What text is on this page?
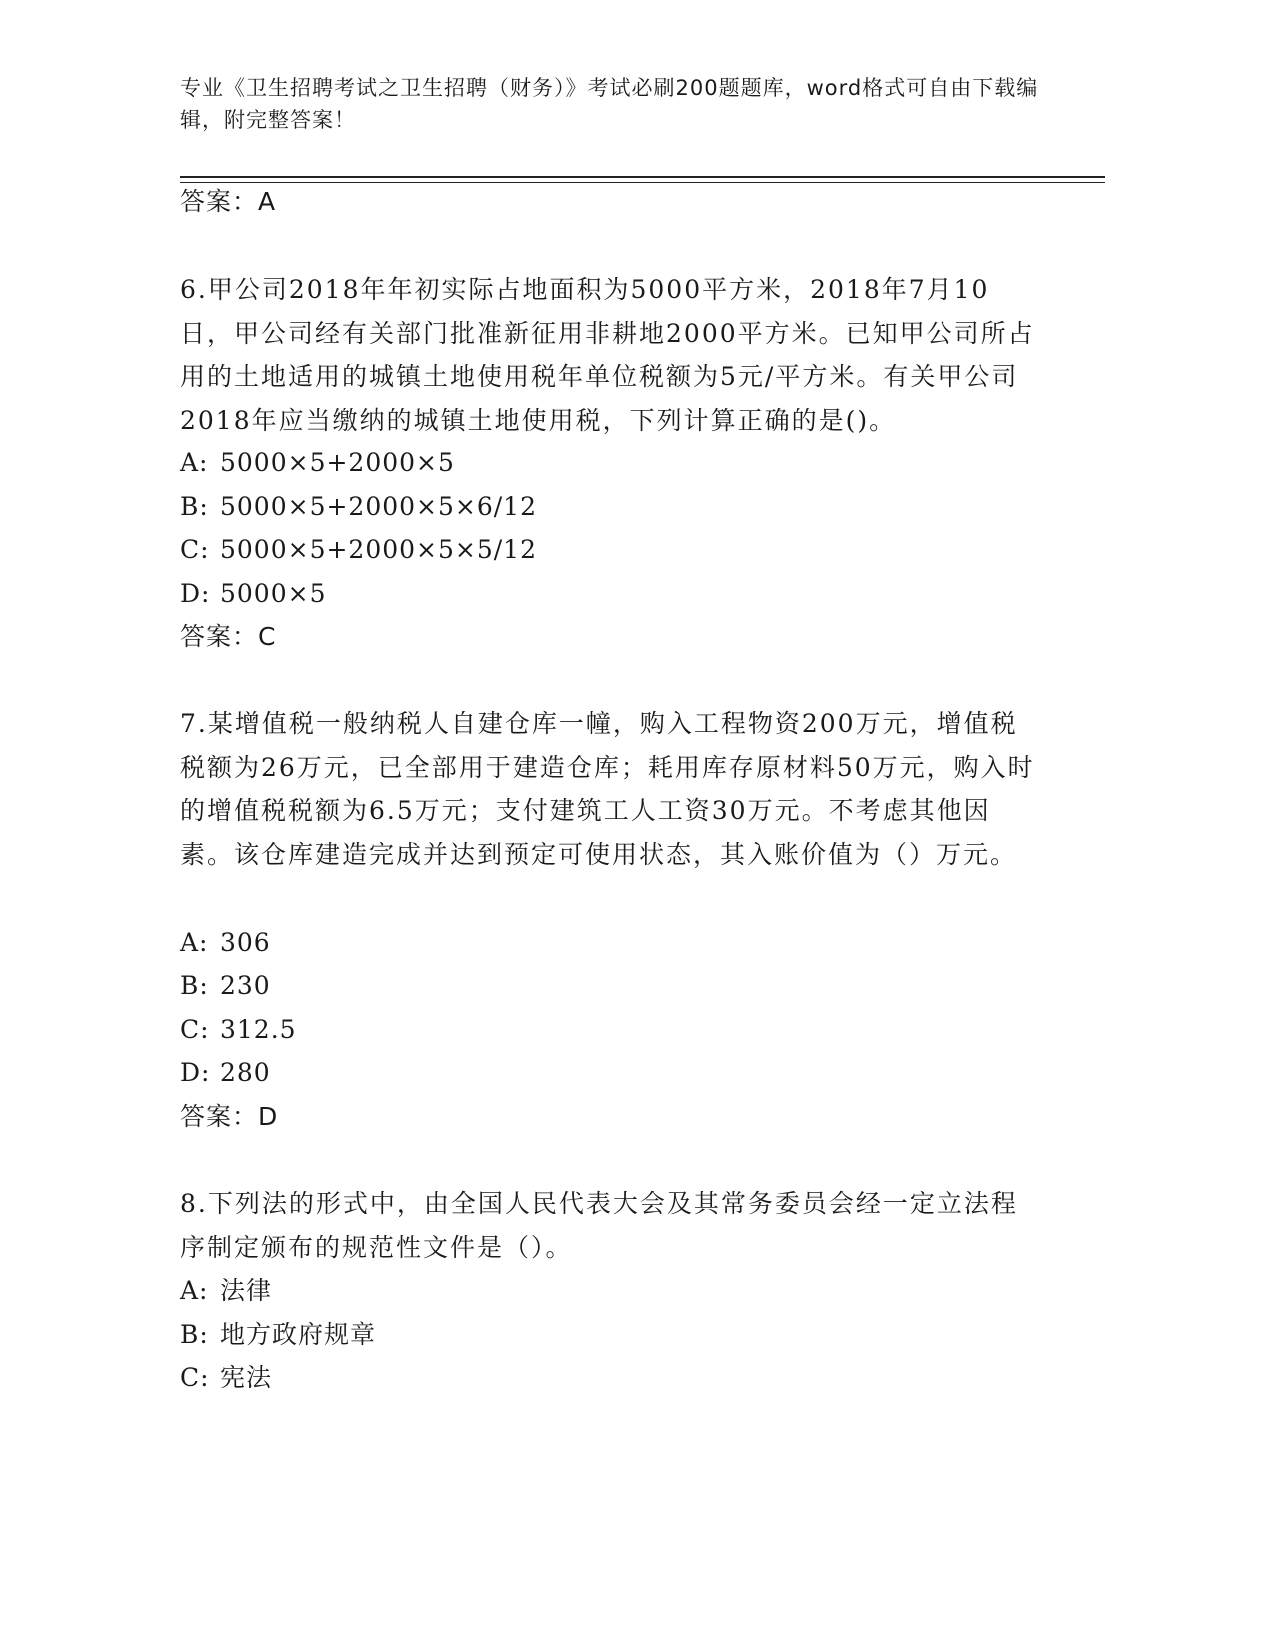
专业《卫生招聘考试之卫生招聘（财务）》考试必刷200题题库，word格式可自由下载编辑，附完整答案！
答案：A
6.甲公司2018年年初实际占地面积为5000平方米，2018年7月10日，甲公司经有关部门批准新征用非耕地2000平方米。已知甲公司所占用的土地适用的城镇土地使用税年单位税额为5元/平方米。有关甲公司2018年应当缴纳的城镇土地使用税，下列计算正确的是()。
A: 5000×5+2000×5
B: 5000×5+2000×5×6/12
C: 5000×5+2000×5×5/12
D: 5000×5
答案：C
7.某增值税一般纳税人自建仓库一幢，购入工程物资200万元，增值税税额为26万元，已全部用于建造仓库；耗用库存原材料50万元，购入时的增值税税额为6.5万元；支付建筑工人工资30万元。不考虑其他因素。该仓库建造完成并达到预定可使用状态，其入账价值为（）万元。
A: 306
B: 230
C: 312.5
D: 280
答案：D
8.下列法的形式中，由全国人民代表大会及其常务委员会经一定立法程序制定颁布的规范性文件是（）。
A: 法律
B: 地方政府规章
C: 宪法
